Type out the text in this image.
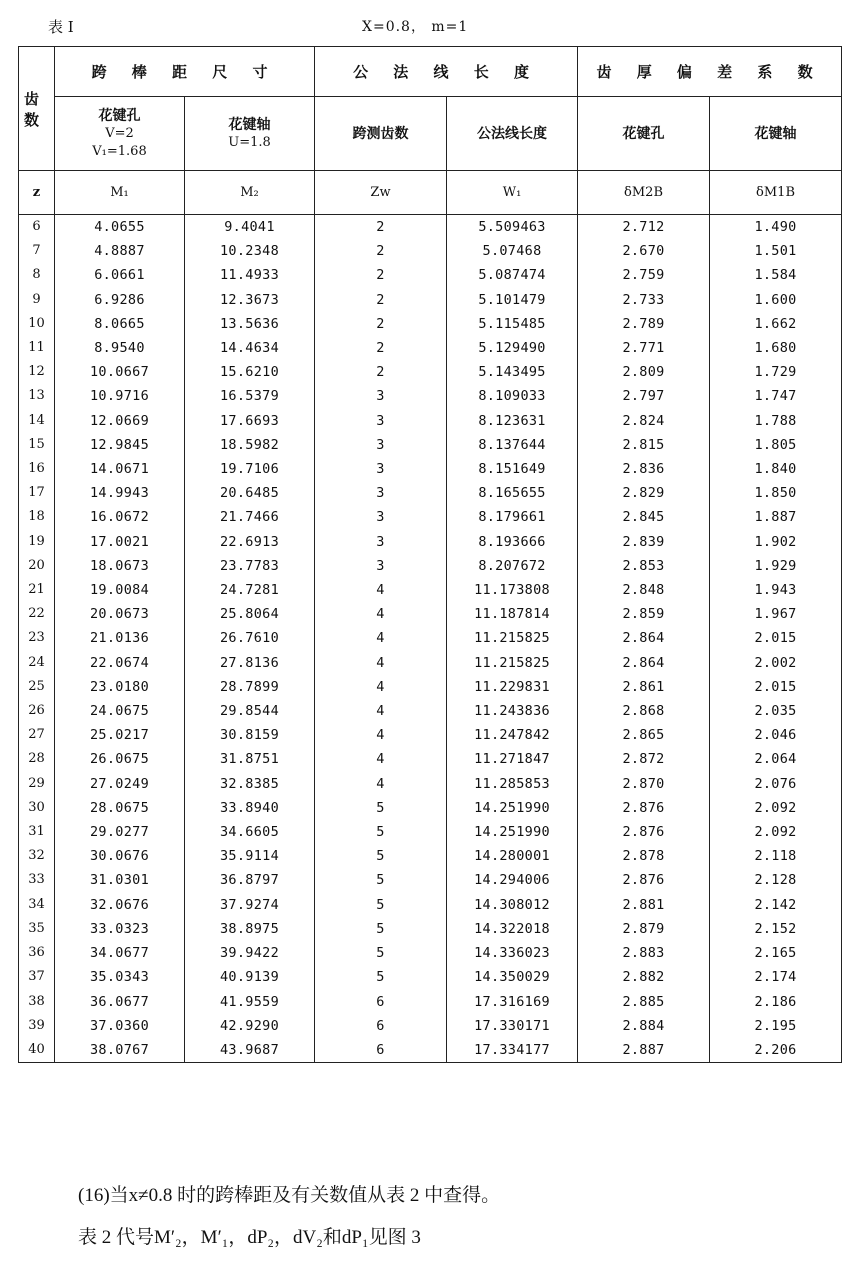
表 I	X=0.8， m=1
齿数	跨 棒 距 尺 寸		公 法 线 长 度		齿 厚 偏 差 系 数	
	花键孔
V=2
V₁=1.68	花键轴
U=1.8	跨测齿数	公法线长度	花键孔	花键轴
z	M₁	M₂	Zw	W₁	δM2B	δM1B
6	4.0655	9.4041	2	5.509463	2.712	1.490
7	4.8887	10.2348	2	5.07468	2.670	1.501
8	6.0661	11.4933	2	5.087474	2.759	1.584
9	6.9286	12.3673	2	5.101479	2.733	1.600
10	8.0665	13.5636	2	5.115485	2.789	1.662
11	8.9540	14.4634	2	5.129490	2.771	1.680
12	10.0667	15.6210	2	5.143495	2.809	1.729
13	10.9716	16.5379	3	8.109033	2.797	1.747
14	12.0669	17.6693	3	8.123631	2.824	1.788
15	12.9845	18.5982	3	8.137644	2.815	1.805
16	14.0671	19.7106	3	8.151649	2.836	1.840
17	14.9943	20.6485	3	8.165655	2.829	1.850
18	16.0672	21.7466	3	8.179661	2.845	1.887
19	17.0021	22.6913	3	8.193666	2.839	1.902
20	18.0673	23.7783	3	8.207672	2.853	1.929
21	19.0084	24.7281	4	11.173808	2.848	1.943
22	20.0673	25.8064	4	11.187814	2.859	1.967
23	21.0136	26.7610	4	11.215825	2.864	2.015
24	22.0674	27.8136	4	11.215825	2.864	2.002
25	23.0180	28.7899	4	11.229831	2.861	2.015
26	24.0675	29.8544	4	11.243836	2.868	2.035
27	25.0217	30.8159	4	11.247842	2.865	2.046
28	26.0675	31.8751	4	11.271847	2.872	2.064
29	27.0249	32.8385	4	11.285853	2.870	2.076
30	28.0675	33.8940	5	14.251990	2.876	2.092
31	29.0277	34.6605	5	14.251990	2.876	2.092
32	30.0676	35.9114	5	14.280001	2.878	2.118
33	31.0301	36.8797	5	14.294006	2.876	2.128
34	32.0676	37.9274	5	14.308012	2.881	2.142
35	33.0323	38.8975	5	14.322018	2.879	2.152
36	34.0677	39.9422	5	14.336023	2.883	2.165
37	35.0343	40.9139	5	14.350029	2.882	2.174
38	36.0677	41.9559	6	17.316169	2.885	2.186
39	37.0360	42.9290	6	17.330171	2.884	2.195
40	38.0767	43.9687	6	17.334177	2.887	2.206
(16)当x≠0.8 时的跨棒距及有关数值从表 2 中查得。
表 2 代号M′₂，M′₁，dP₂，dV₂和dP₁见图 3
